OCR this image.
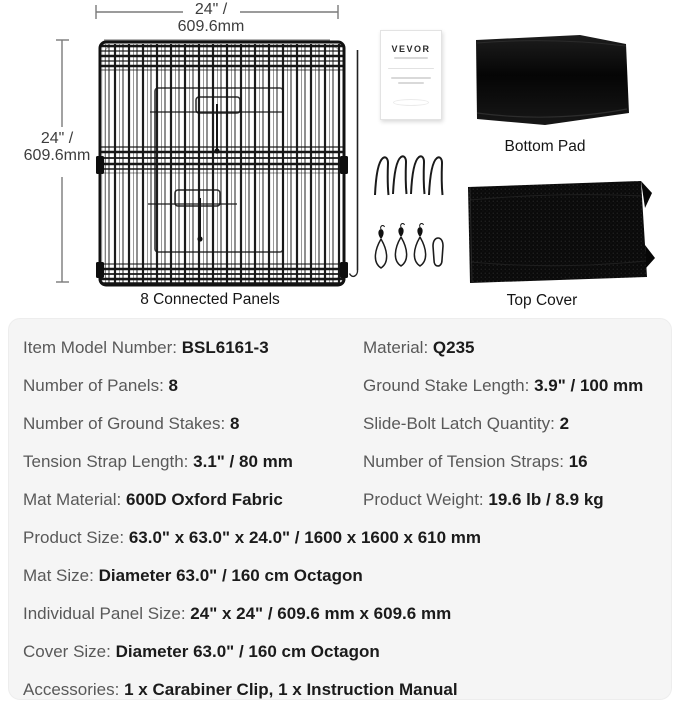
24" /
609.6mm
24" /
609.6mm
VEVOR
8 Connected Panels
Bottom Pad
Top Cover
Item Model Number: BSL6161-3	Material: Q235
Number of Panels: 8	Ground Stake Length: 3.9" / 100 mm
Number of Ground Stakes: 8	Slide-Bolt Latch Quantity: 2
Tension Strap Length: 3.1" / 80 mm	Number of Tension Straps: 16
Mat Material: 600D Oxford Fabric	Product Weight: 19.6 lb / 8.9 kg
Product Size: 63.0" x 63.0" x 24.0" / 1600 x 1600 x 610 mm
Mat Size: Diameter 63.0" / 160 cm Octagon
Individual Panel Size: 24" x 24" / 609.6 mm x 609.6 mm
Cover Size: Diameter 63.0" / 160 cm Octagon
Accessories: 1 x Carabiner Clip, 1 x Instruction Manual
